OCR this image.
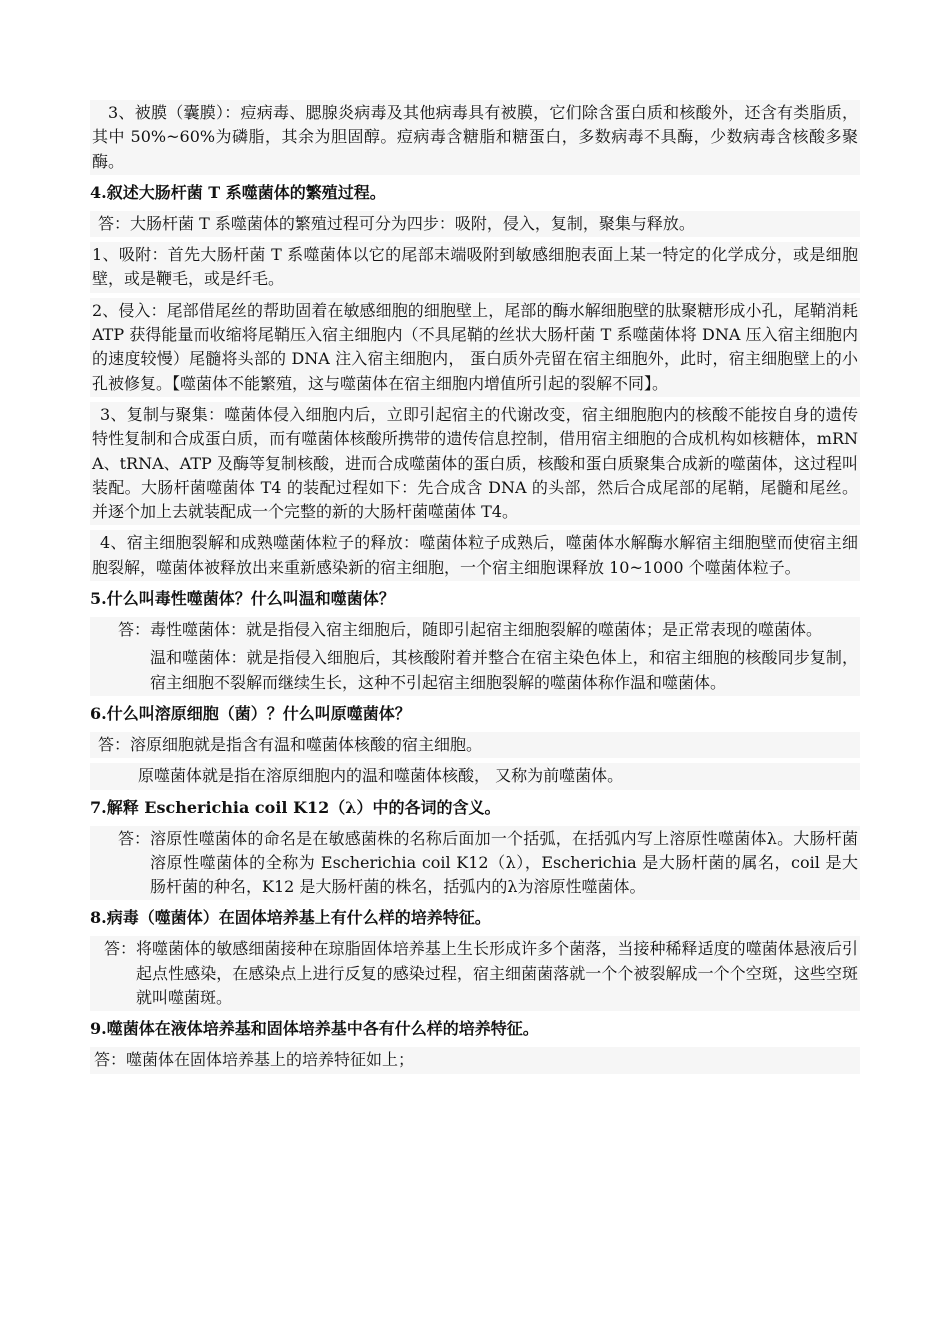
3、被膜（囊膜）：痘病毒、腮腺炎病毒及其他病毒具有被膜，它们除含蛋白质和核酸外，还含有类脂质，其中 50%~60%为磷脂，其余为胆固醇。痘病毒含糖脂和糖蛋白，多数病毒不具酶，少数病毒含核酸多聚酶。

4.叙述大肠杆菌 T 系噬菌体的繁殖过程。

答：大肠杆菌 T 系噬菌体的繁殖过程可分为四步：吸附，侵入，复制，聚集与释放。

1、吸附：首先大肠杆菌 T 系噬菌体以它的尾部末端吸附到敏感细胞表面上某一特定的化学成分，或是细胞壁，或是鞭毛，或是纤毛。

2、侵入：尾部借尾丝的帮助固着在敏感细胞的细胞壁上，尾部的酶水解细胞壁的肽聚糖形成小孔，尾鞘消耗 ATP 获得能量而收缩将尾鞘压入宿主细胞内（不具尾鞘的丝状大肠杆菌 T 系噬菌体将 DNA 压入宿主细胞内的速度较慢）尾髓将头部的 DNA 注入宿主细胞内， 蛋白质外壳留在宿主细胞外，此时，宿主细胞壁上的小孔被修复。【噬菌体不能繁殖，这与噬菌体在宿主细胞内增值所引起的裂解不同】。

3、复制与聚集：噬菌体侵入细胞内后，立即引起宿主的代谢改变，宿主细胞胞内的核酸不能按自身的遗传特性复制和合成蛋白质，而有噬菌体核酸所携带的遗传信息控制，借用宿主细胞的合成机构如核糖体，mRNA、tRNA、ATP 及酶等复制核酸，进而合成噬菌体的蛋白质，核酸和蛋白质聚集合成新的噬菌体，这过程叫装配。大肠杆菌噬菌体 T4 的装配过程如下：先合成含 DNA 的头部，然后合成尾部的尾鞘，尾髓和尾丝。并逐个加上去就装配成一个完整的新的大肠杆菌噬菌体 T4。

4、宿主细胞裂解和成熟噬菌体粒子的释放：噬菌体粒子成熟后，噬菌体水解酶水解宿主细胞壁而使宿主细胞裂解，噬菌体被释放出来重新感染新的宿主细胞，一个宿主细胞课释放 10~1000 个噬菌体粒子。

5.什么叫毒性噬菌体？什么叫温和噬菌体？
答： 毒性噬菌体：就是指侵入宿主细胞后，随即引起宿主细胞裂解的噬菌体；是正常表现的噬菌体。
温和噬菌体：就是指侵入细胞后，其核酸附着并整合在宿主染色体上，和宿主细胞的核酸同步复制，宿主细胞不裂解而继续生长，这种不引起宿主细胞裂解的噬菌体称作温和噬菌体。
6.什么叫溶原细胞（菌）？什么叫原噬菌体？

答：溶原细胞就是指含有温和噬菌体核酸的宿主细胞。

原噬菌体就是指在溶原细胞内的温和噬菌体核酸， 又称为前噬菌体。

7.解释 Escherichia coil K12（λ）中的各词的含义。
答： 溶原性噬菌体的命名是在敏感菌株的名称后面加一个括弧，在括弧内写上溶原性噬菌体λ。大肠杆菌溶原性噬菌体的全称为 Escherichia coil K12（λ），Escherichia 是大肠杆菌的属名，coil 是大肠杆菌的种名，K12 是大肠杆菌的株名，括弧内的λ为溶原性噬菌体。
8.病毒（噬菌体）在固体培养基上有什么样的培养特征。
答： 将噬菌体的敏感细菌接种在琼脂固体培养基上生长形成许多个菌落，当接种稀释适度的噬菌体悬液后引起点性感染，在感染点上进行反复的感染过程，宿主细菌菌落就一个个被裂解成一个个空斑，这些空斑就叫噬菌斑。
9.噬菌体在液体培养基和固体培养基中各有什么样的培养特征。

答：噬菌体在固体培养基上的培养特征如上；
